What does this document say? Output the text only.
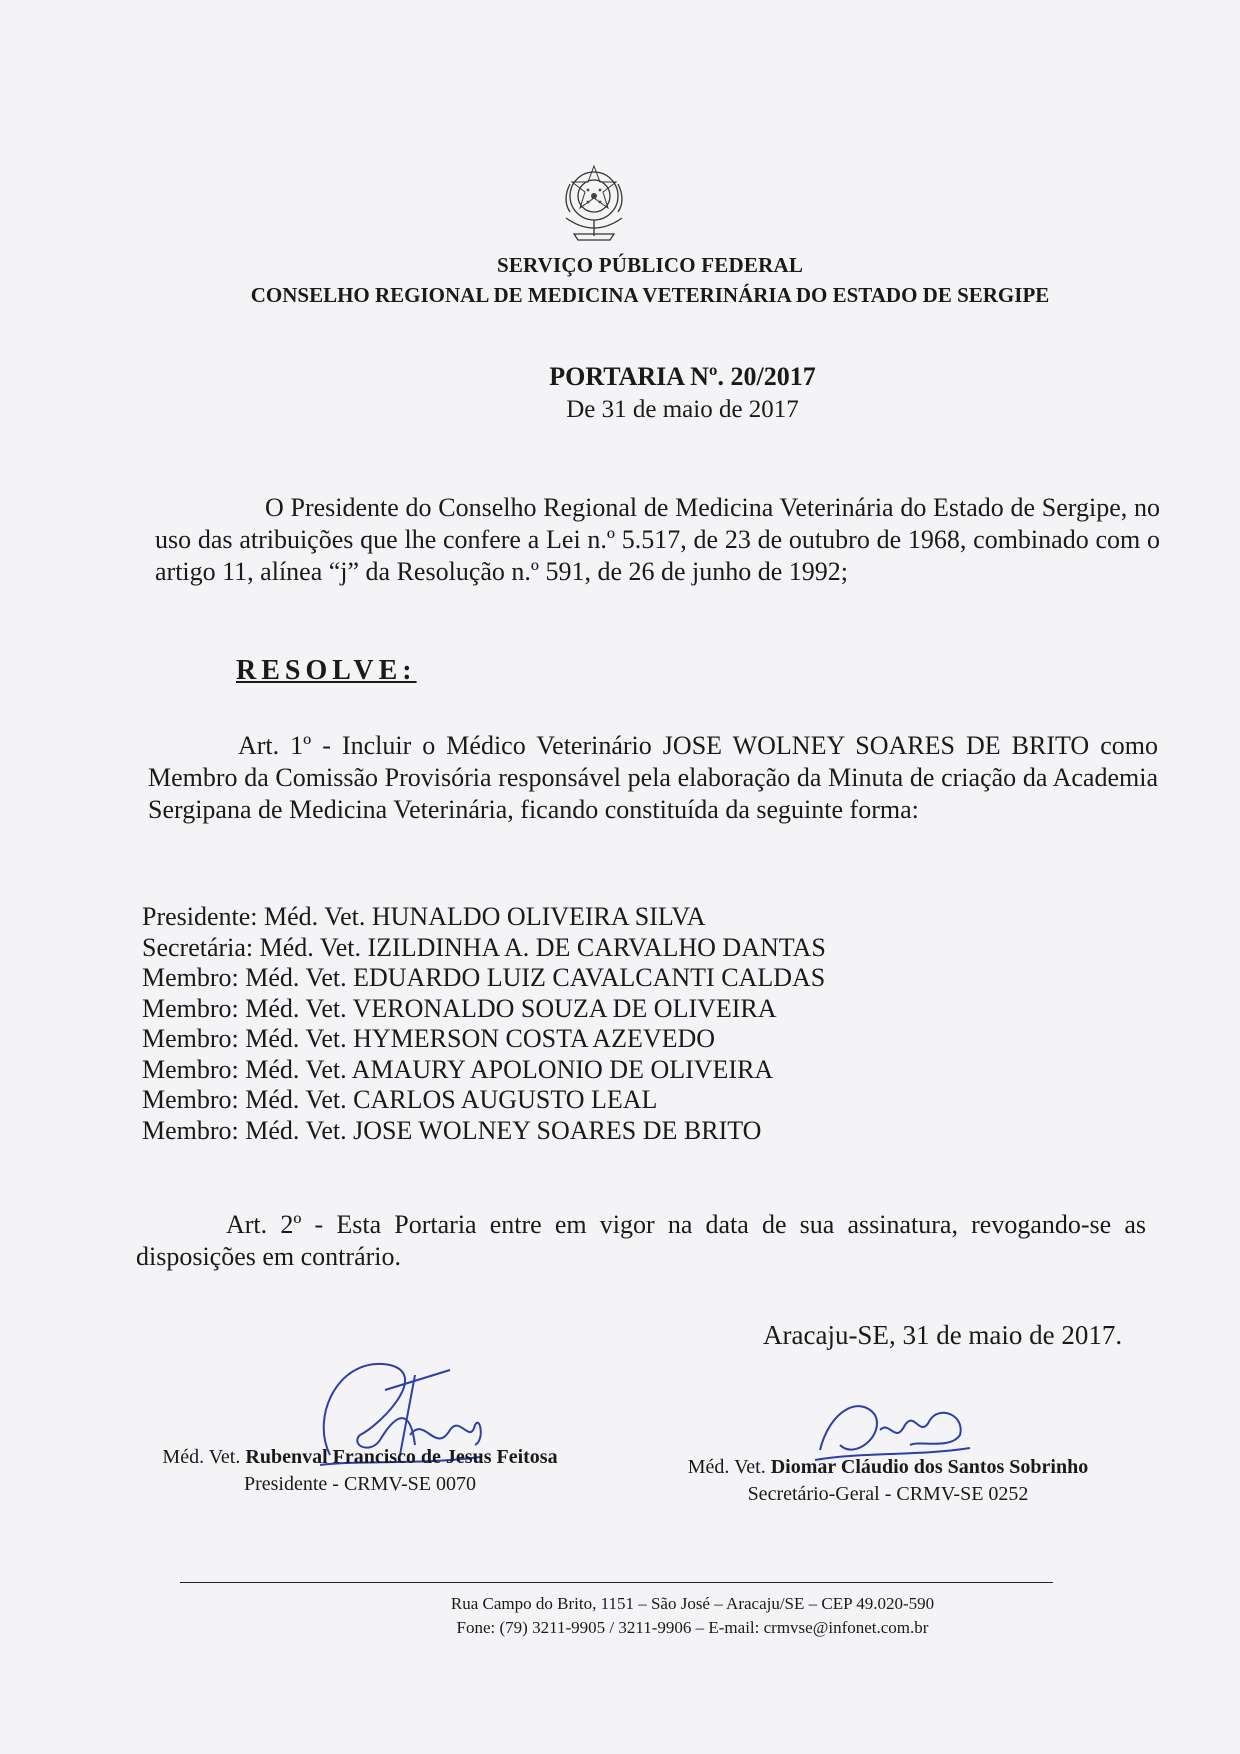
SERVIÇO PÚBLICO FEDERAL
CONSELHO REGIONAL DE MEDICINA VETERINÁRIA DO ESTADO DE SERGIPE
PORTARIA Nº. 20/2017
De 31 de maio de 2017
O Presidente do Conselho Regional de Medicina Veterinária do Estado de Sergipe, no uso das atribuições que lhe confere a Lei n.º 5.517, de 23 de outubro de 1968, combinado com o artigo 11, alínea “j” da Resolução n.º 591, de 26 de junho de 1992;
RESOLVE:
Art. 1º - Incluir o Médico Veterinário JOSE WOLNEY SOARES DE BRITO como Membro da Comissão Provisória responsável pela elaboração da Minuta de criação da Academia Sergipana de Medicina Veterinária, ficando constituída da seguinte forma:
Presidente: Méd. Vet. HUNALDO OLIVEIRA SILVA
Secretária: Méd. Vet. IZILDINHA A. DE CARVALHO DANTAS
Membro: Méd. Vet. EDUARDO LUIZ CAVALCANTI CALDAS
Membro: Méd. Vet. VERONALDO SOUZA DE OLIVEIRA
Membro: Méd. Vet. HYMERSON COSTA AZEVEDO
Membro: Méd. Vet. AMAURY APOLONIO DE OLIVEIRA
Membro: Méd. Vet. CARLOS AUGUSTO LEAL
Membro: Méd. Vet. JOSE WOLNEY SOARES DE BRITO
Art. 2º - Esta Portaria entre em vigor na data de sua assinatura, revogando-se as disposições em contrário.
Aracaju-SE, 31 de maio de 2017.
Méd. Vet. Rubenval Francisco de Jesus Feitosa
Presidente - CRMV-SE 0070
Méd. Vet. Diomar Cláudio dos Santos Sobrinho
Secretário-Geral - CRMV-SE 0252
Rua Campo do Brito, 1151 – São José – Aracaju/SE – CEP 49.020-590
Fone: (79) 3211-9905 / 3211-9906 – E-mail: crmvse@infonet.com.br
